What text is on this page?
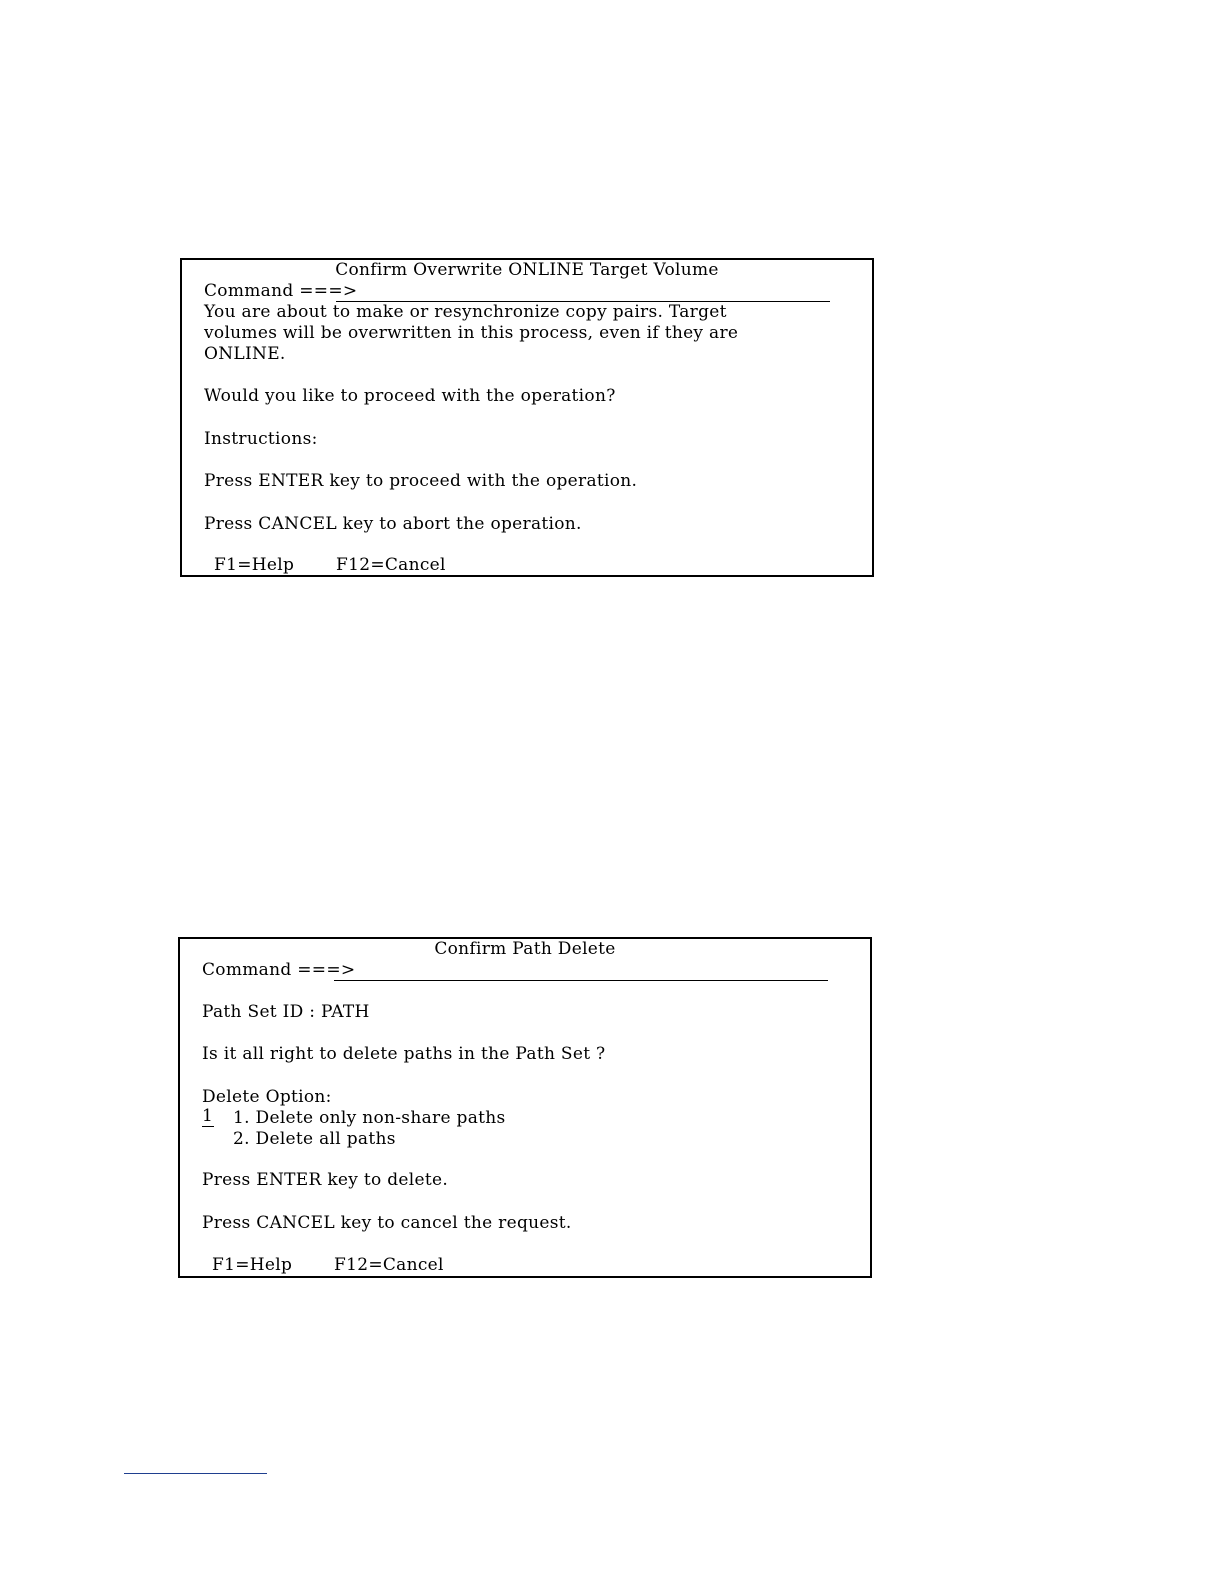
Confirm Overwrite ONLINE Target Volume
Command ===>
You are about to make or resynchronize copy pairs. Target
volumes will be overwritten in this process, even if they are
ONLINE.
Would you like to proceed with the operation?
Instructions:
Press ENTER key to proceed with the operation.
Press CANCEL key to abort the operation.
F1=Help F12=Cancel
Confirm Path Delete
Command ===>
Path Set ID : PATH
Is it all right to delete paths in the Path Set ?
Delete Option:
1
1. Delete only non-share paths
2. Delete all paths
Press ENTER key to delete.
Press CANCEL key to cancel the request.
F1=Help F12=Cancel
